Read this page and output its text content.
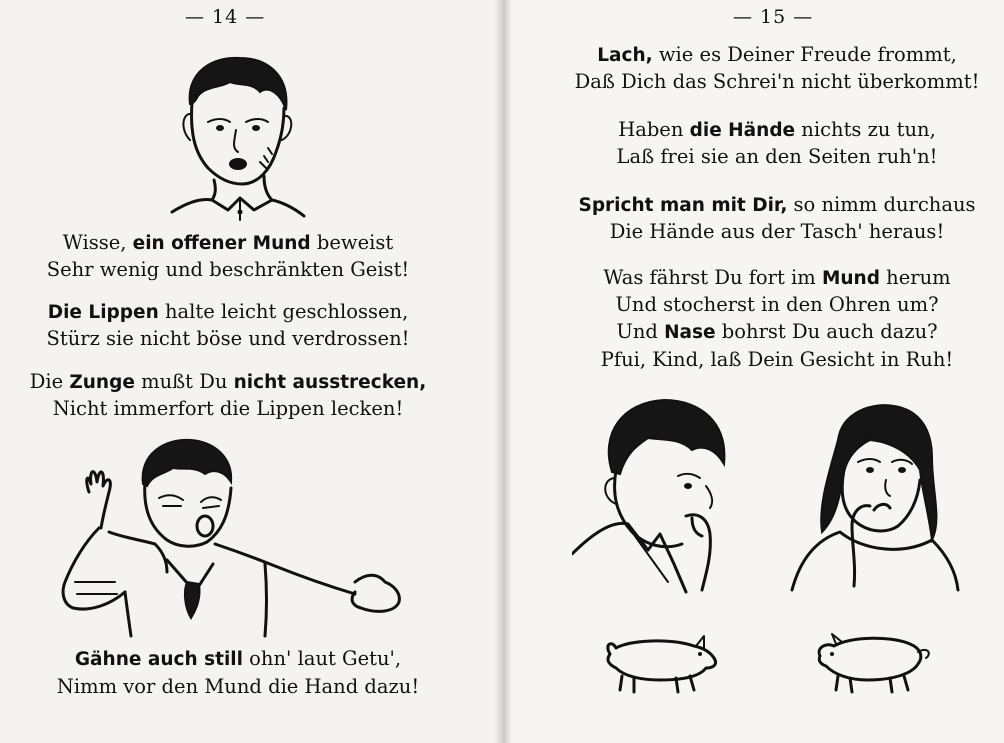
— 14 —	— 15 —
Wisse, ein offener Mund beweist
Sehr wenig und beschränkten Geist!
Die Lippen halte leicht geschlossen,
Stürz sie nicht böse und verdrossen!
Die Zunge mußt Du nicht ausstrecken,
Nicht immerfort die Lippen lecken!
Gähne auch still ohn' laut Getu',
Nimm vor den Mund die Hand dazu!
Lach, wie es Deiner Freude frommt,
Daß Dich das Schrei'n nicht überkommt!
Haben die Hände nichts zu tun,
Laß frei sie an den Seiten ruh'n!
Spricht man mit Dir, so nimm durchaus
Die Hände aus der Tasch' heraus!
Was fährst Du fort im Mund herum
Und stocherst in den Ohren um?
Und Nase bohrst Du auch dazu?
Pfui, Kind, laß Dein Gesicht in Ruh!
